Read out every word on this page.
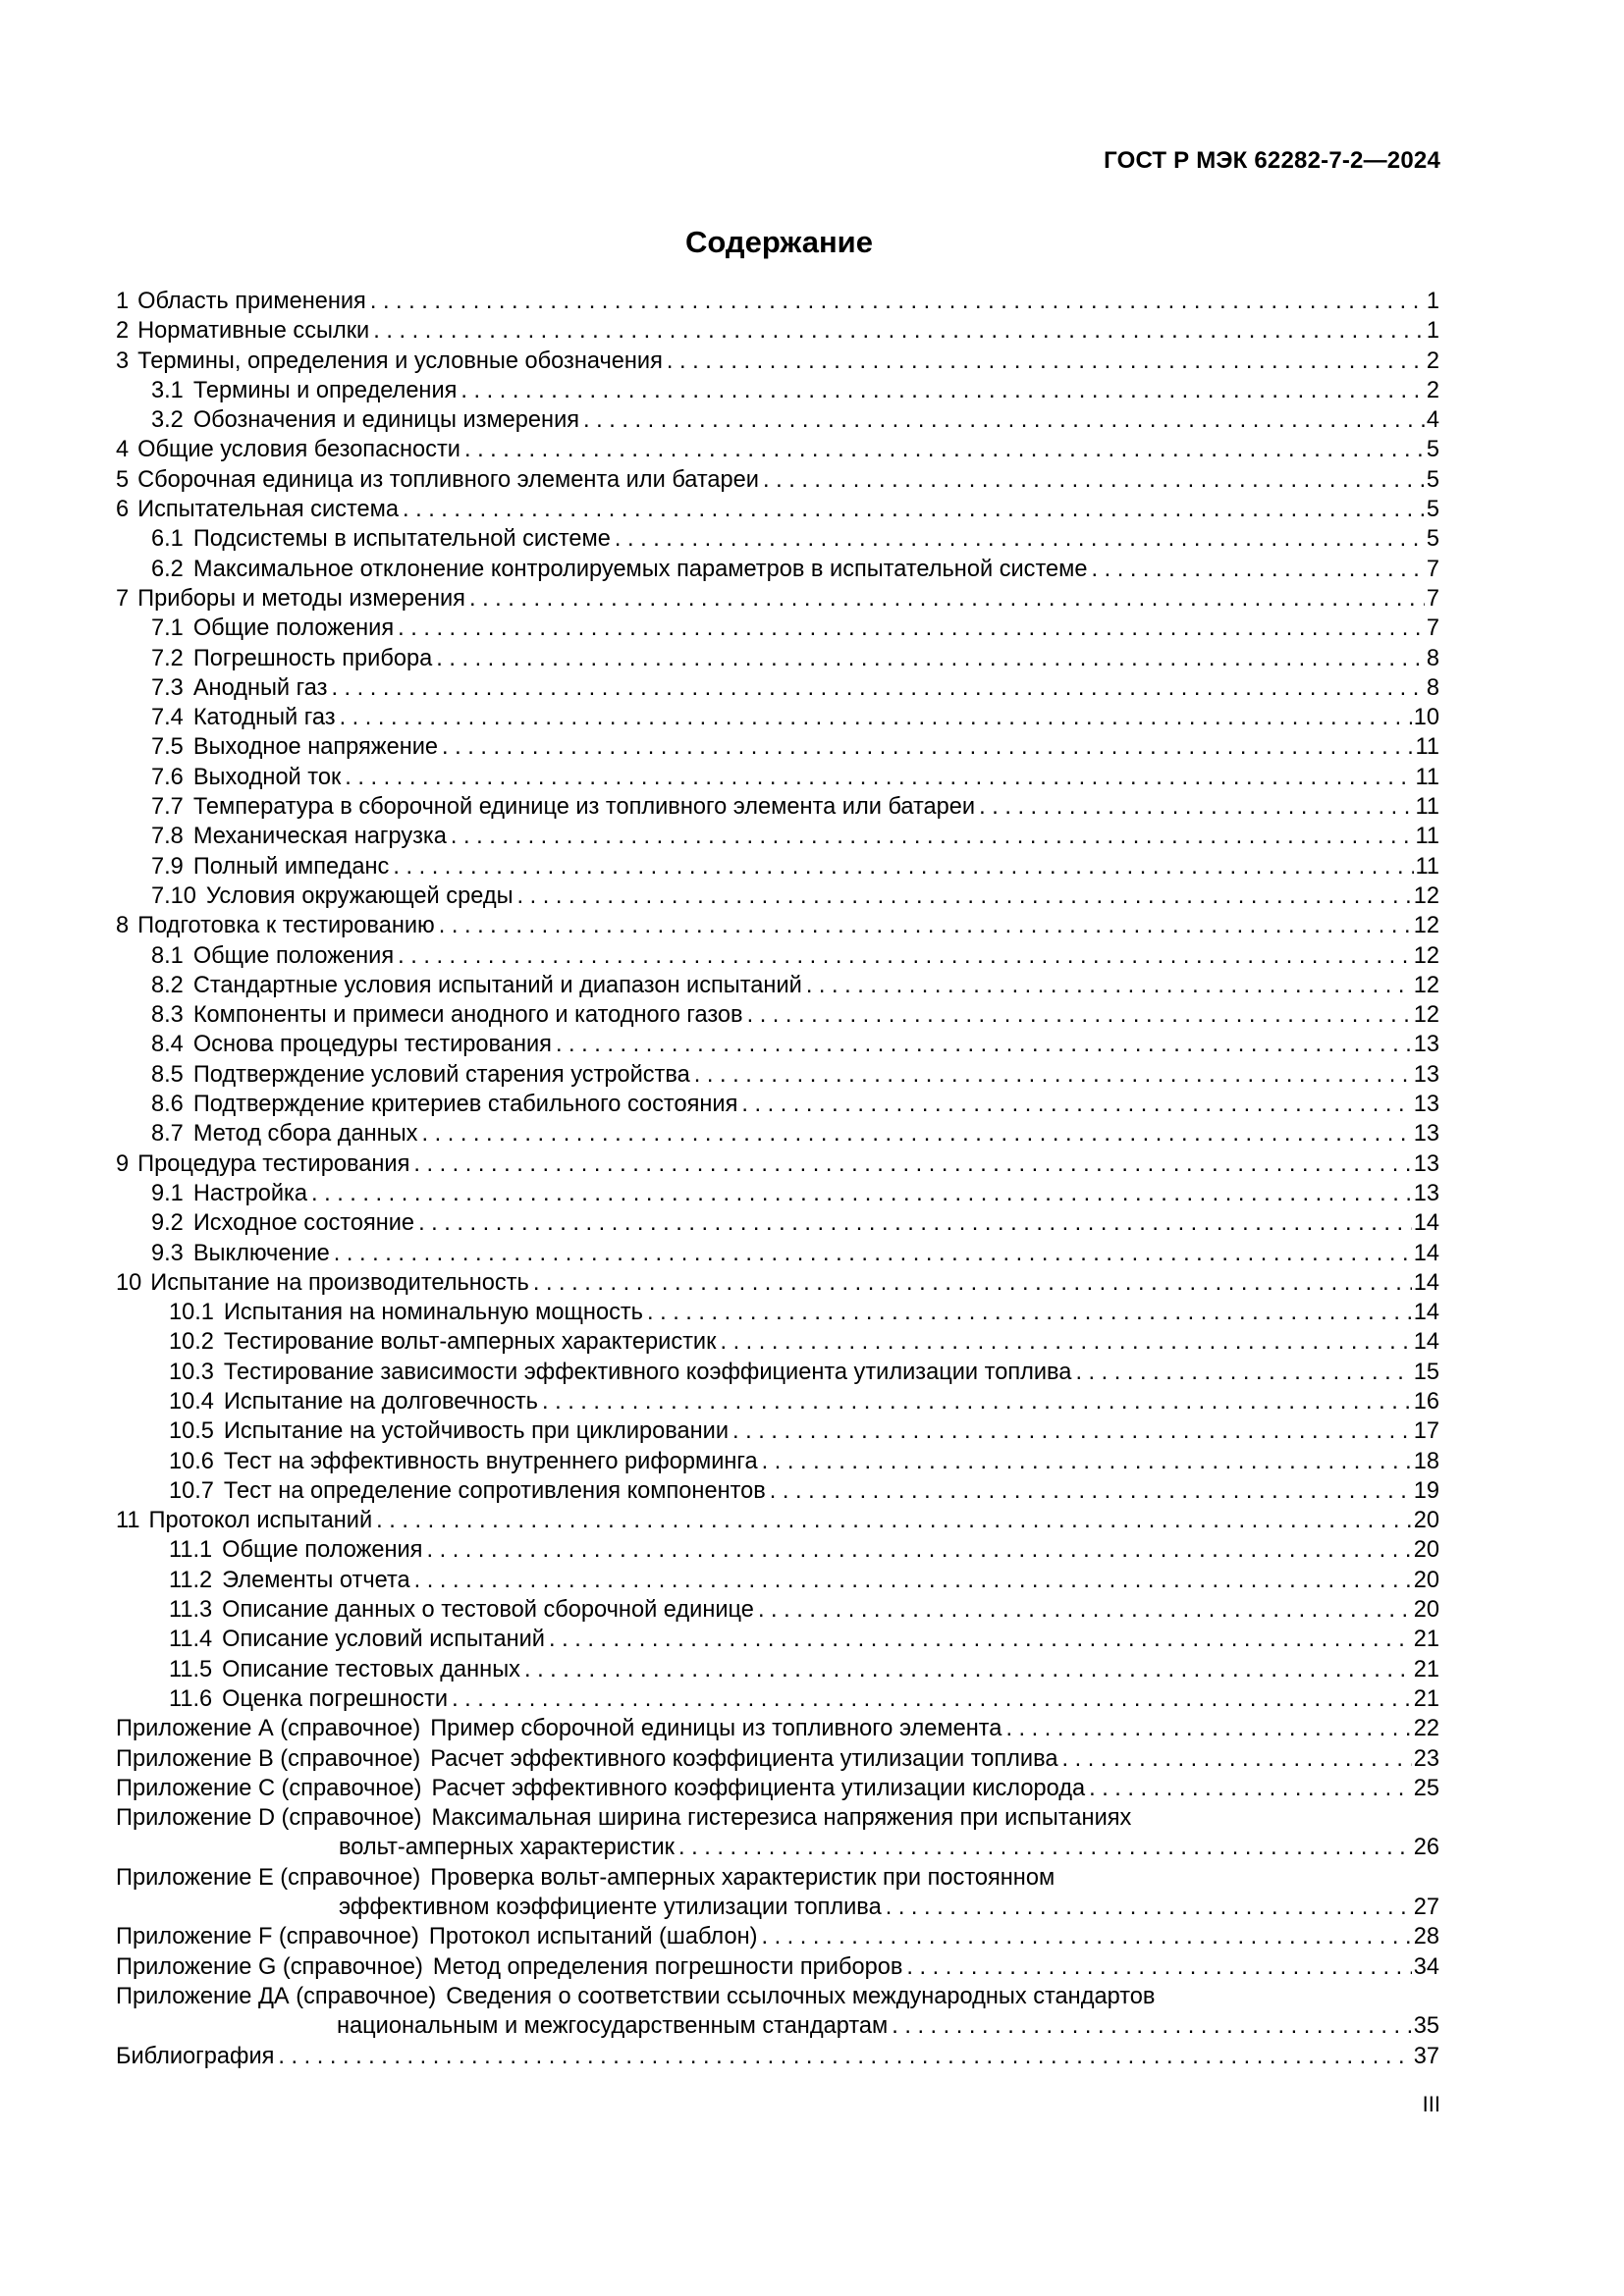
ГОСТ Р МЭК 62282-7-2—2024
Содержание
1 Область применения . . .	1
2 Нормативные ссылки . . .	1
3 Термины, определения и условные обозначения . . .	2
3.1 Термины и определения . . .	2
3.2 Обозначения и единицы измерения . . .	4
4 Общие условия безопасности . . .	5
5 Сборочная единица из топливного элемента или батареи . . .	5
6 Испытательная система . . .	5
6.1 Подсистемы в испытательной системе . . .	5
6.2 Максимальное отклонение контролируемых параметров в испытательной системе . . .	7
7 Приборы и методы измерения . . .	7
7.1 Общие положения . . .	7
7.2 Погрешность прибора . . .	8
7.3 Анодный газ . . .	8
7.4 Катодный газ . . .	10
7.5 Выходное напряжение . . .	11
7.6 Выходной ток . . .	11
7.7 Температура в сборочной единице из топливного элемента или батареи . . .	11
7.8 Механическая нагрузка . . .	11
7.9 Полный импеданс . . .	11
7.10 Условия окружающей среды . . .	12
8 Подготовка к тестированию . . .	12
8.1 Общие положения . . .	12
8.2 Стандартные условия испытаний и диапазон испытаний . . .	12
8.3 Компоненты и примеси анодного и катодного газов . . .	12
8.4 Основа процедуры тестирования . . .	13
8.5 Подтверждение условий старения устройства . . .	13
8.6 Подтверждение критериев стабильного состояния . . .	13
8.7 Метод сбора данных . . .	13
9 Процедура тестирования . . .	13
9.1 Настройка . . .	13
9.2 Исходное состояние . . .	14
9.3 Выключение . . .	14
10 Испытание на производительность . . .	14
10.1 Испытания на номинальную мощность . . .	14
10.2 Тестирование вольт-амперных характеристик . . .	14
10.3 Тестирование зависимости эффективного коэффициента утилизации топлива . . .	15
10.4 Испытание на долговечность . . .	16
10.5 Испытание на устойчивость при циклировании . . .	17
10.6 Тест на эффективность внутреннего риформинга . . .	18
10.7 Тест на определение сопротивления компонентов . . .	19
11 Протокол испытаний . . .	20
11.1 Общие положения . . .	20
11.2 Элементы отчета . . .	20
11.3 Описание данных о тестовой сборочной единице . . .	20
11.4 Описание условий испытаний . . .	21
11.5 Описание тестовых данных . . .	21
11.6 Оценка погрешности . . .	21
Приложение А (справочное) Пример сборочной единицы из топливного элемента . . .	22
Приложение В (справочное) Расчет эффективного коэффициента утилизации топлива . . .	23
Приложение С (справочное) Расчет эффективного коэффициента утилизации кислорода . . .	25
Приложение D (справочное) Максимальная ширина гистерезиса напряжения при испытаниях
вольт-амперных характеристик . . .	26
Приложение Е (справочное) Проверка вольт-амперных характеристик при постоянном
эффективном коэффициенте утилизации топлива . . .	27
Приложение F (справочное) Протокол испытаний (шаблон) . . .	28
Приложение G (справочное) Метод определения погрешности приборов . . .	34
Приложение ДА (справочное) Сведения о соответствии ссылочных международных стандартов
национальным и межгосударственным стандартам . . .	35
Библиография . . .	37
III
